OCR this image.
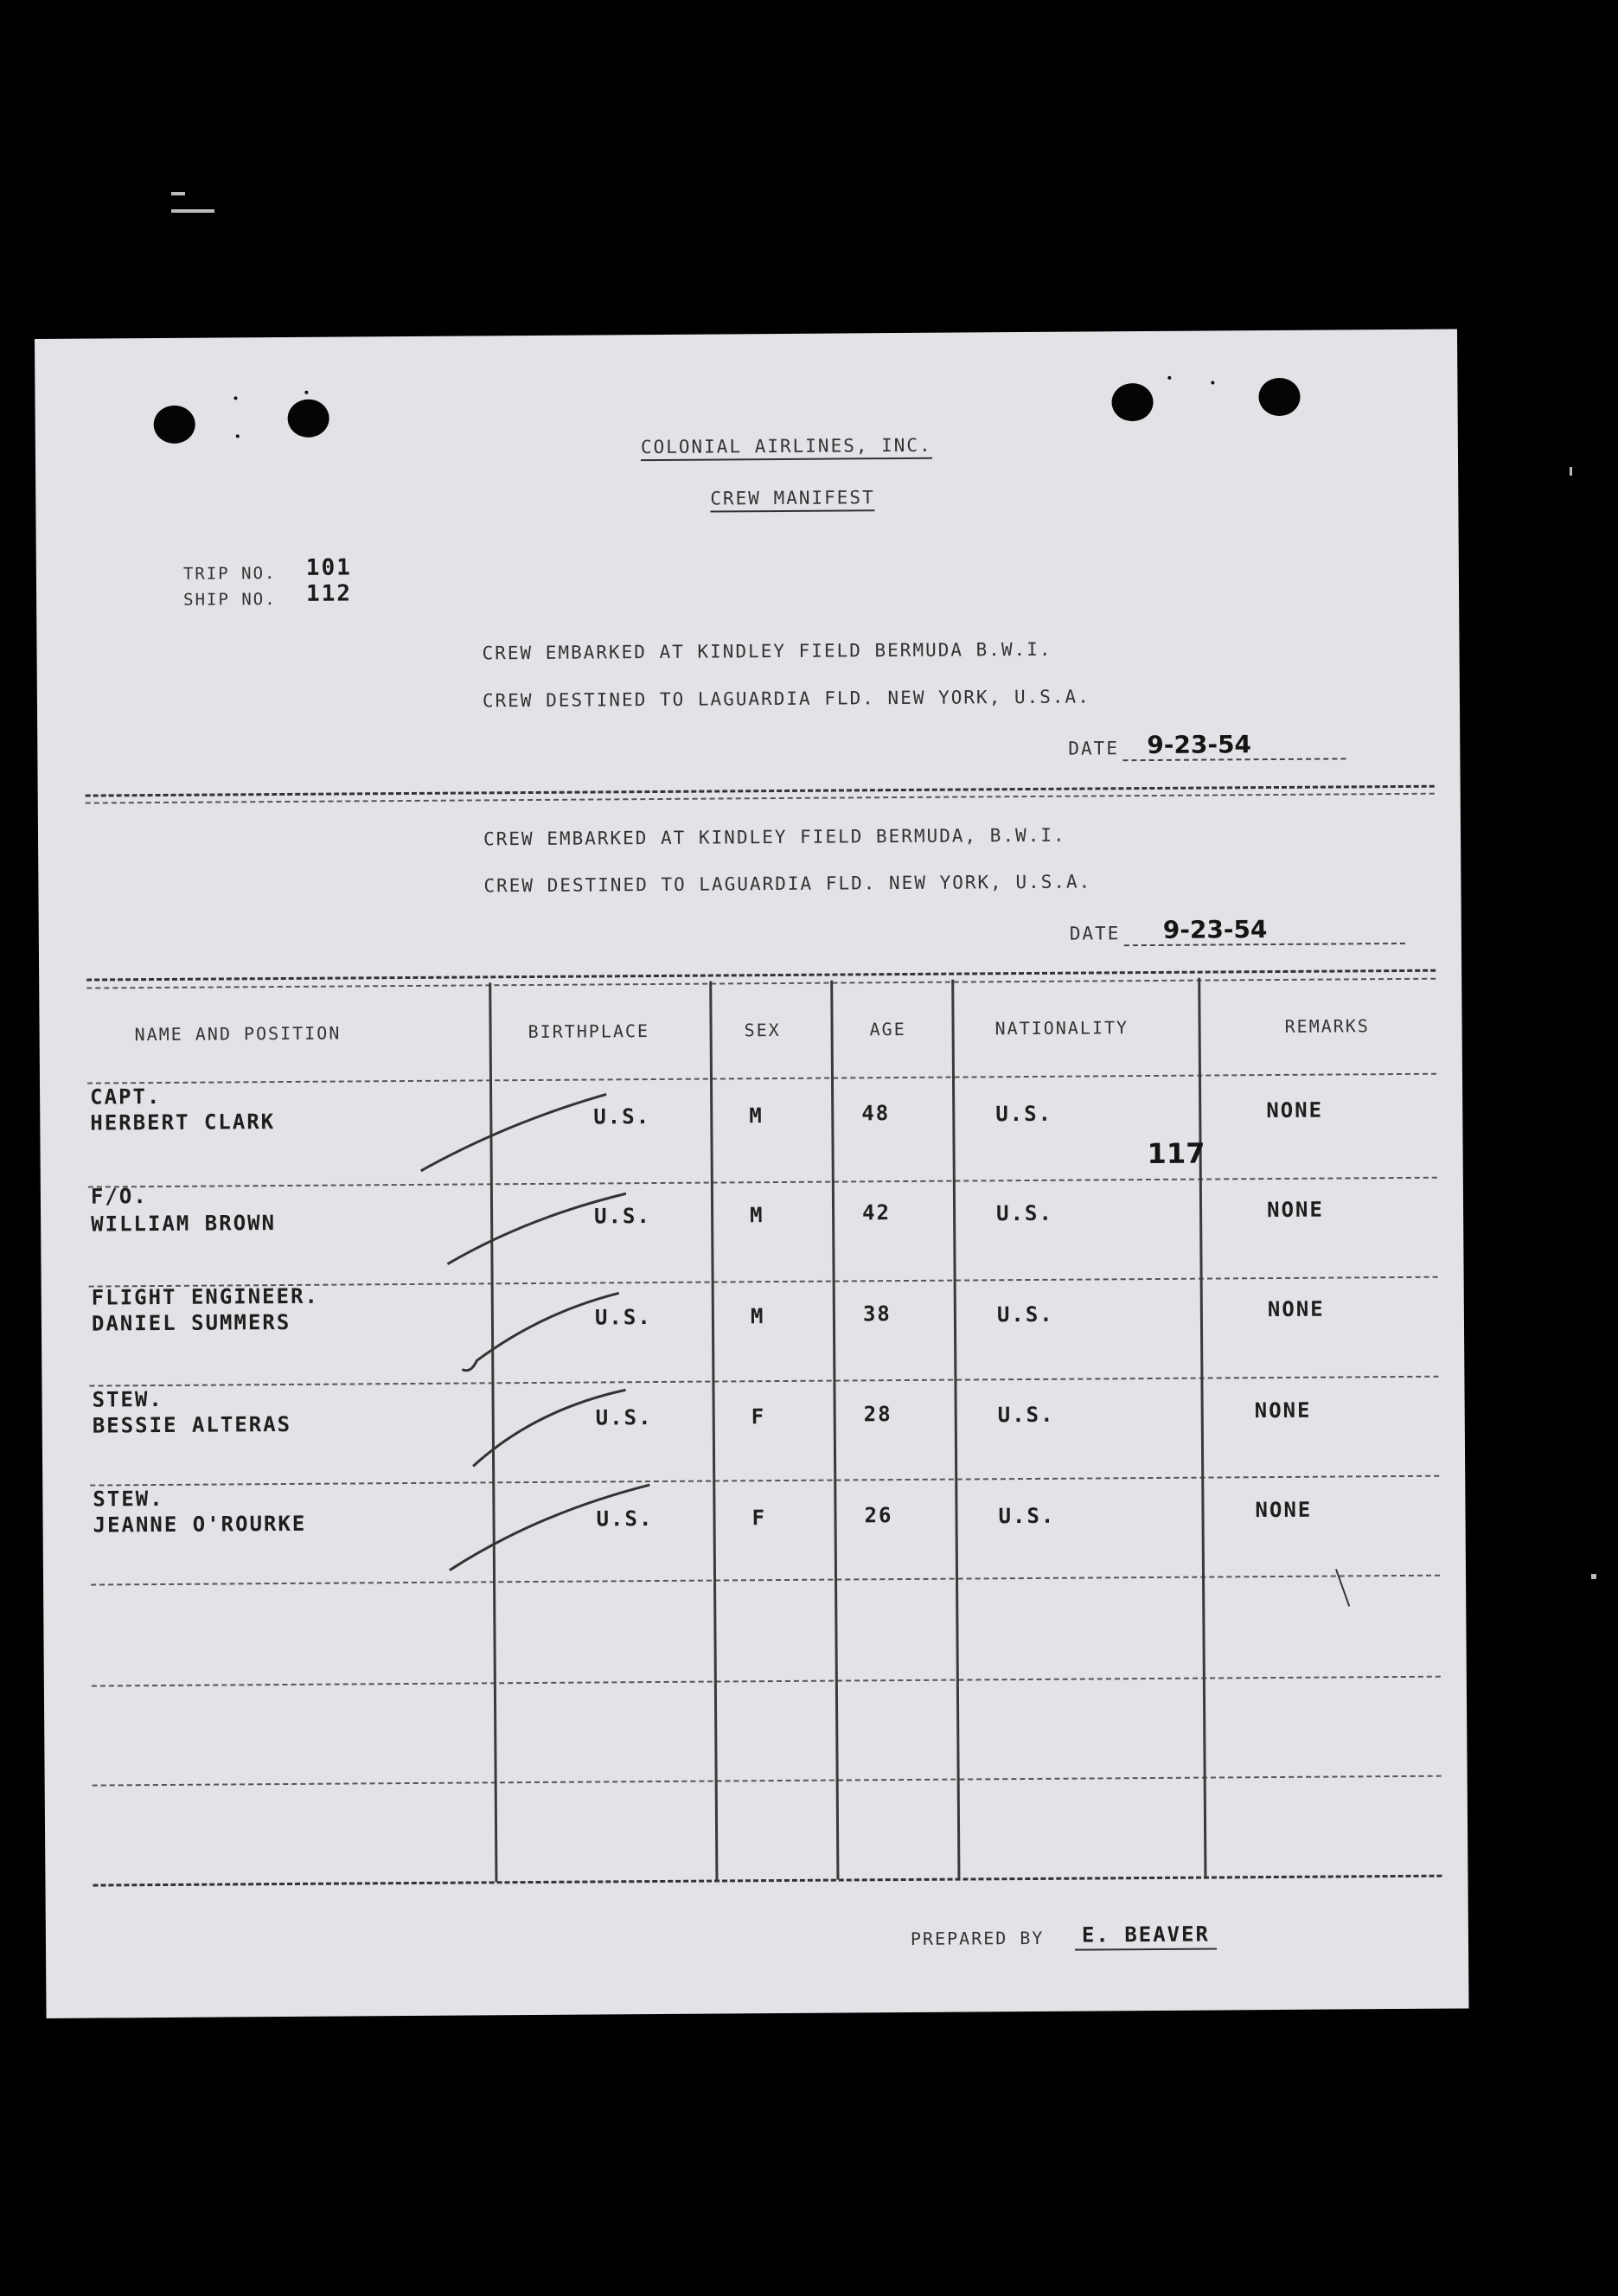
COLONIAL AIRLINES, INC.
CREW MANIFEST
TRIP NO. 101
SHIP NO. 112
CREW EMBARKED AT KINDLEY FIELD BERMUDA B.W.I.
CREW DESTINED TO LAGUARDIA FLD. NEW YORK, U.S.A.
DATE	9-23-54
CREW EMBARKED AT KINDLEY FIELD BERMUDA, B.W.I.
CREW DESTINED TO LAGUARDIA FLD. NEW YORK, U.S.A.
DATE	9-23-54
NAME AND POSITION	BIRTHPLACE	SEX	AGE	NATIONALITY	REMARKS
CAPT.
HERBERT CLARK	U.S.	M	48	U.S.	NONE
117
F/O.
WILLIAM BROWN	U.S.	M	42	U.S.	NONE
FLIGHT ENGINEER.
DANIEL SUMMERS	U.S.	M	38	U.S.	NONE
STEW.
BESSIE ALTERAS	U.S.	F	28	U.S.	NONE
STEW.
JEANNE O'ROURKE	U.S.	F	26	U.S.	NONE
PREPARED BY	E. BEAVER
